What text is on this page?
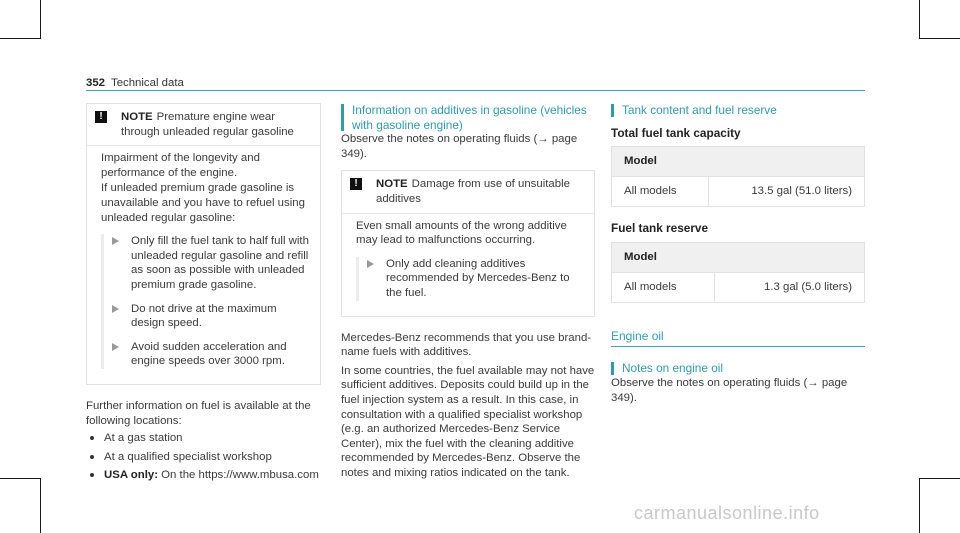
352 Technical data
!	NOTE Premature engine wear through unleaded regular gasoline

Impairment of the longevity and performance of the engine.

If unleaded premium grade gasoline is unavailable and you have to refuel using unleaded regular gasoline:

Only fill the fuel tank to half full with unleaded regular gasoline and refill as soon as possible with unleaded premium grade gasoline.
Do not drive at the maximum design speed.
Avoid sudden acceleration and engine speeds over 3000 rpm.

Further information on fuel is available at the following locations:

At a gas station
At a qualified specialist workshop
USA only: On the https://www.mbusa.com
Information on additives in gasoline (vehicles with gasoline engine)

Observe the notes on operating fluids (→ page 349).

!	NOTE Damage from use of unsuitable additives

Even small amounts of the wrong additive may lead to malfunctions occurring.

Only add cleaning additives recommended by Mercedes-Benz to the fuel.

Mercedes-Benz recommends that you use brand-name fuels with additives.

In some countries, the fuel available may not have sufficient additives. Deposits could build up in the fuel injection system as a result. In this case, in consultation with a qualified specialist workshop (e.g. an authorized Mercedes-Benz Service Center), mix the fuel with the cleaning additive recommended by Mercedes-Benz. Observe the notes and mixing ratios indicated on the tank.

Tank content and fuel reserve
Total fuel tank capacity
Model
All models	13.5 gal (51.0 liters)
Fuel tank reserve
Model
All models	1.3 gal (5.0 liters)
Engine oil
Notes on engine oil

Observe the notes on operating fluids (→ page 349).

carmanualsonline.info
